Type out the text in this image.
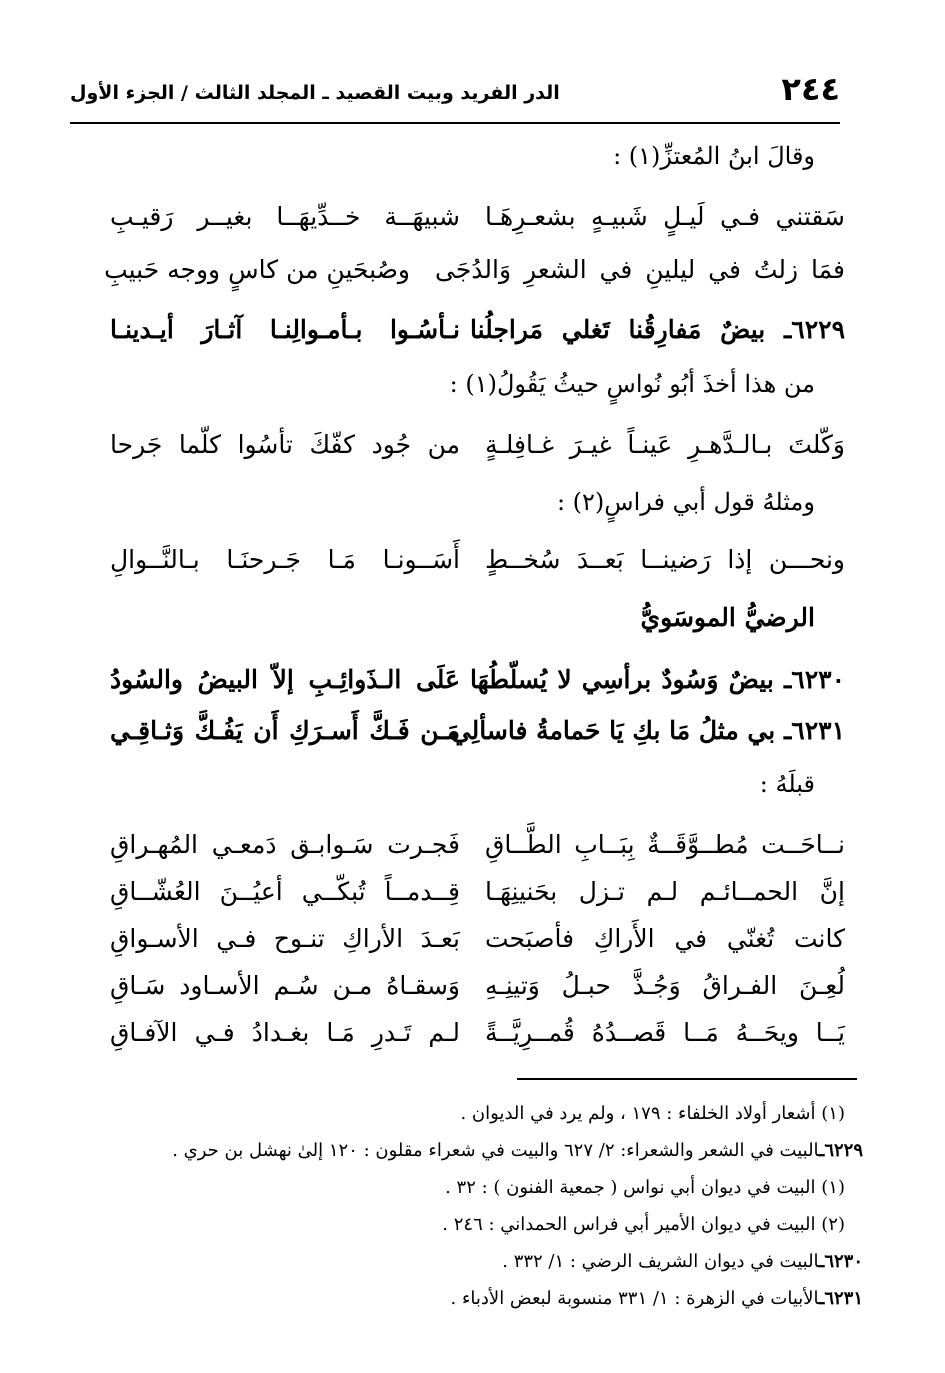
٢٤٤
الدر الفريد وبيت القصيد ـ المجلد الثالث / الجزء الأول
وقالَ ابنُ المُعتزِّ(١) :
سَقتني فـي لَيـلٍ شَبيـهٍ بشعـرِهَـا
شبيهَــة خــدِّيهَــا بغيــر رَقيـبِ
فمَا زلتُ في ليلينِ في الشعرِ وَالدُجَى
وصُبحَينِ من كاسٍ ووجه حَبيبِ
٦٢٢٩ـ بيضٌ مَفارِقُنا تَغلي مَراجلُنا
نـأسُـوا بـأمـوالِنـا آثـارَ أيـدينـا
من هذا أخذَ أبُو نُواسٍ حيثُ يَقُولُ(١) :
وَكّلتَ بـالـدَّهـرِ عَينـاً غيـرَ غـافِلـةٍ
من جُود كفّكَ تأسُوا كلّما جَرحا
ومثلهُ قول أبي فراسٍ(٢) :
ونحـــن إذا رَضينــا بَعــدَ سُخــطٍ
أَسَــونـا مَـا جَـرحنَـا بـالنَّــوالِ
الرضيُّ الموسَويُّ
٦٢٣٠ـ بيضٌ وَسُودٌ برأسِي لا يُسلّطُهَا
عَلَى الـذَوائِـبِ إلاّ البيضُ والسُودُ
٦٢٣١ـ بي مثلُ مَا بكِ يَا حَمامةُ فاسألِي
مَـن فَـكَّ أَسـرَكِ أَن يَفُـكَّ وَثـاقِـي
قبلَهُ :
نــاحَــت مُطــوَّقَــةٌ بِبَــابِ الطَّــاقِ
فَجـرت سَـوابـق دَمعـي المُهـراقِ
إنَّ الحمــائـم لـم تـزل بحَنينِهَـا
قِــدمــاً تُبكّــي أعيُــنَ العُشّــاقِ
كانت تُغنّي في الأَراكِ فأصبَحت
بَعـدَ الأراكِ تنـوح فـي الأسـواقِ
لُعِـنَ الفـراقُ وَجُـذَّ حبـلُ وَتينِـهِ
وَسقـاهُ مـن سُـم الأسـاود سَـاقِ
يَــا ويحَــهُ مَــا قَصــدُهُ قُمــرِيَّــةً
لـم تَـدرِ مَـا بغـدادُ فـي الآفـاقِ
(١) أشعار أولاد الخلفاء : ١٧٩ ، ولم يرد في الديوان .
٦٢٢٩ـالبيت في الشعر والشعراء: ٢/ ٦٢٧ والبيت في شعراء مقلون : ١٢٠ إلىٰ نهشل بن حري .
(١) البيت في ديوان أبي نواس ( جمعية الفنون ) : ٣٢ .
(٢) البيت في ديوان الأمير أبي فراس الحمداني : ٢٤٦ .
٦٢٣٠ـالبيت في ديوان الشريف الرضي : ١/ ٣٣٢ .
٦٢٣١ـالأبيات في الزهرة : ١/ ٣٣١ منسوبة لبعض الأدباء .
